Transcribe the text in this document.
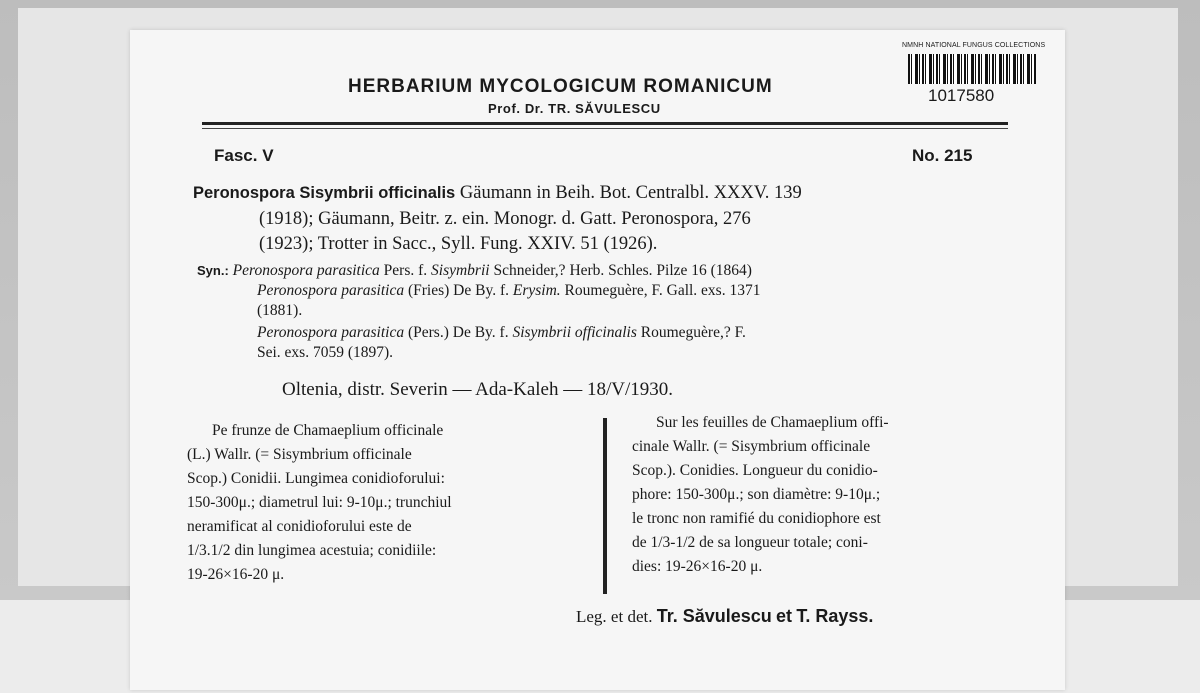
HERBARIUM MYCOLOGICUM ROMANICUM
Prof. Dr. TR. SĂVULESCU
NMNH NATIONAL FUNGUS COLLECTIONS
1017580
Fasc. V	No. 215
Peronospora Sisymbrii officinalis Gäumann in Beih. Bot. Centralbl. XXXV. 139
(1918); Gäumann, Beitr. z. ein. Monogr. d. Gatt. Peronospora, 276
(1923); Trotter in Sacc., Syll. Fung. XXIV. 51 (1926).
Syn.: Peronospora parasitica Pers. f. Sisymbrii Schneider,? Herb. Schles. Pilze 16 (1864)
Peronospora parasitica (Fries) De By. f. Erysim. Roumeguère, F. Gall. exs. 1371
(1881).
Peronospora parasitica (Pers.) De By. f. Sisymbrii officinalis Roumeguère,? F.
Sei. exs. 7059 (1897).
Oltenia, distr. Severin — Ada-Kaleh — 18/V/1930.
Pe frunze de Chamaeplium officinale
(L.) Wallr. (= Sisymbrium officinale
Scop.) Conidii. Lungimea conidioforului:
150-300μ.; diametrul lui: 9-10μ.; trunchiul
neramificat al conidioforului este de
1/3.1/2 din lungimea acestuia; conidiile:
19-26×16-20 μ.
Sur les feuilles de Chamaeplium offi-
cinale Wallr. (= Sisymbrium officinale
Scop.). Conidies. Longueur du conidio-
phore: 150-300μ.; son diamètre: 9-10μ.;
le tronc non ramifié du conidiophore est
de 1/3-1/2 de sa longueur totale; coni-
dies: 19-26×16-20 μ.
Leg. et det. Tr. Săvulescu et T. Rayss.
